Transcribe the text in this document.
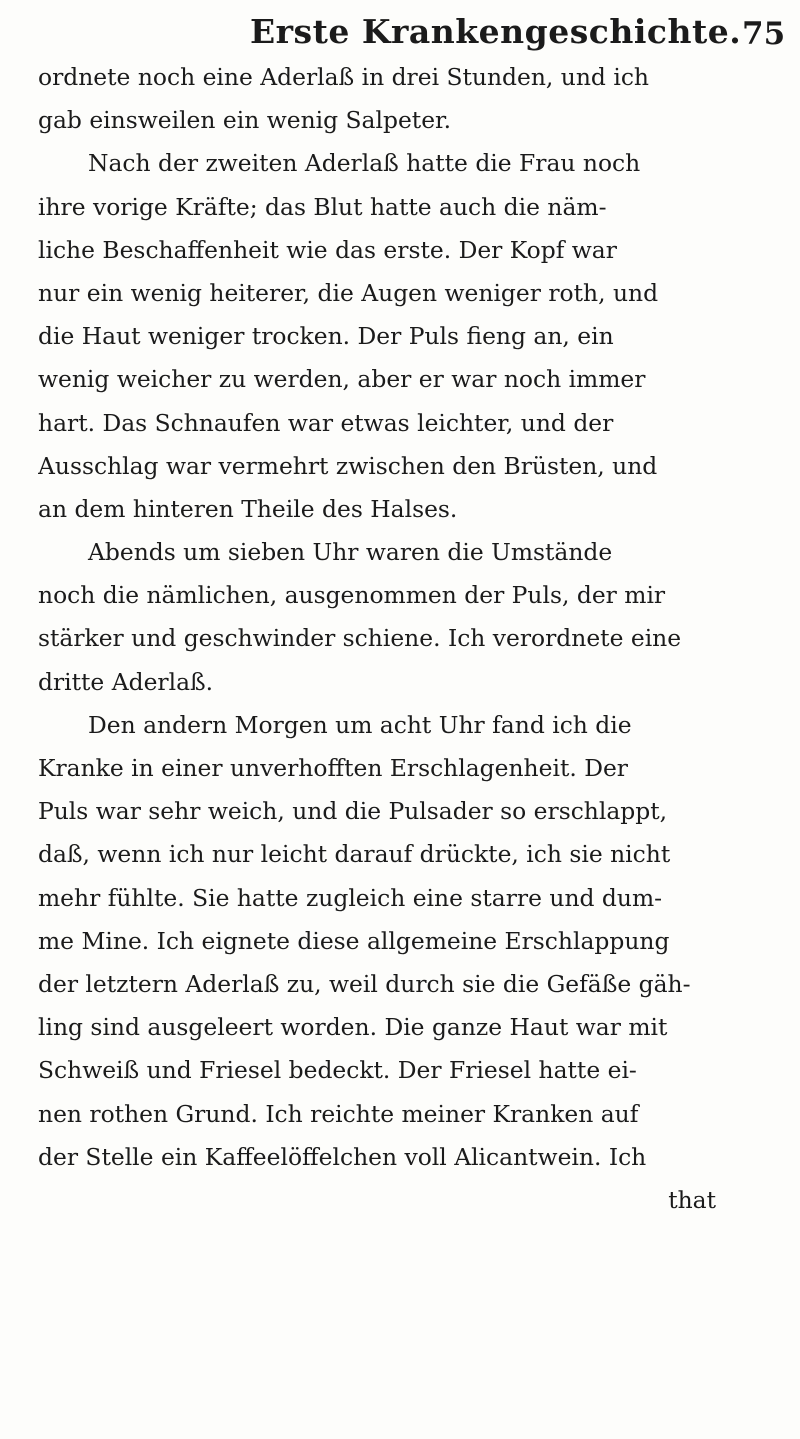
Erste Krankengeschichte. 75
ordnete noch eine Aderlaß in drei Stunden, und ich
gab einsweilen ein wenig Salpeter.
Nach der zweiten Aderlaß hatte die Frau noch
ihre vorige Kräfte; das Blut hatte auch die näm-
liche Beschaffenheit wie das erste. Der Kopf war
nur ein wenig heiterer, die Augen weniger roth, und
die Haut weniger trocken. Der Puls fieng an, ein
wenig weicher zu werden, aber er war noch immer
hart. Das Schnaufen war etwas leichter, und der
Ausschlag war vermehrt zwischen den Brüsten, und
an dem hinteren Theile des Halses.
Abends um sieben Uhr waren die Umstände
noch die nämlichen, ausgenommen der Puls, der mir
stärker und geschwinder schiene. Ich verordnete eine
dritte Aderlaß.
Den andern Morgen um acht Uhr fand ich die
Kranke in einer unverhofften Erschlagenheit. Der
Puls war sehr weich, und die Pulsader so erschlappt,
daß, wenn ich nur leicht darauf drückte, ich sie nicht
mehr fühlte. Sie hatte zugleich eine starre und dum-
me Mine. Ich eignete diese allgemeine Erschlappung
der letztern Aderlaß zu, weil durch sie die Gefäße gäh-
ling sind ausgeleert worden. Die ganze Haut war mit
Schweiß und Friesel bedeckt. Der Friesel hatte ei-
nen rothen Grund. Ich reichte meiner Kranken auf
der Stelle ein Kaffeelöffelchen voll Alicantwein. Ich
that
